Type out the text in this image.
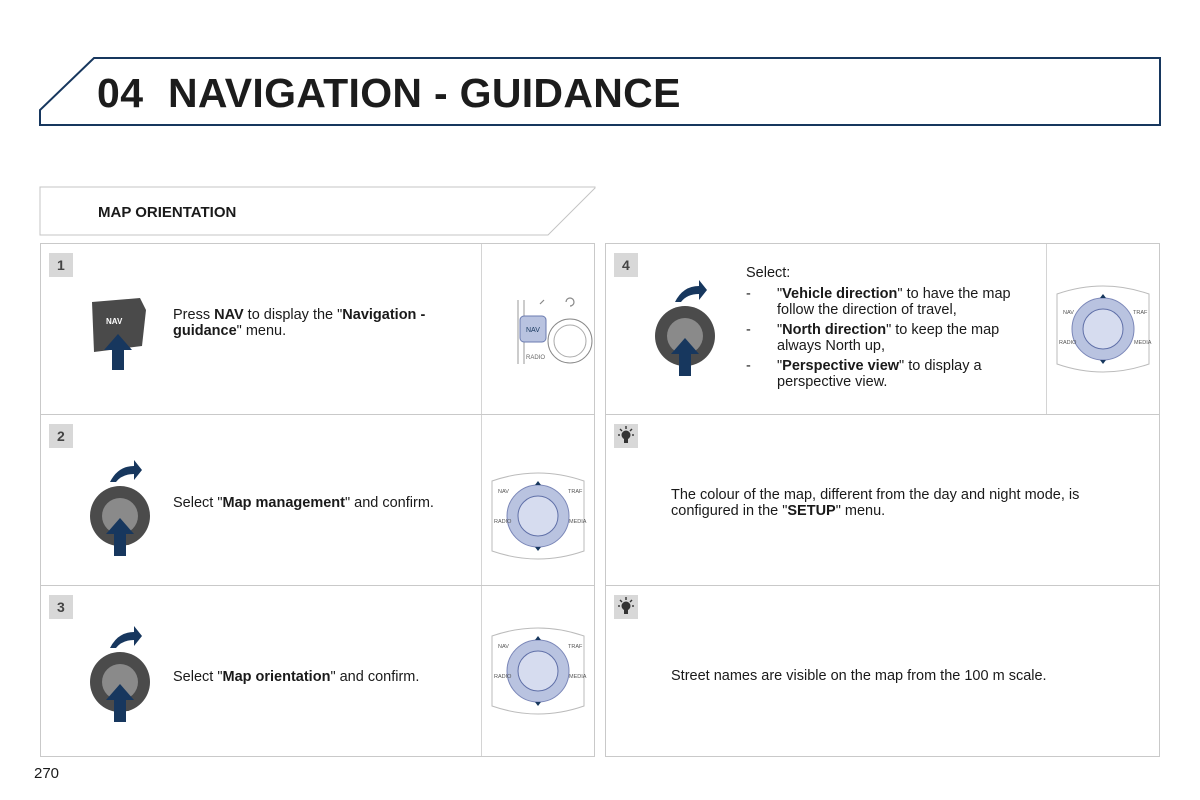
04 NAVIGATION - GUIDANCE
MAP ORIENTATION
NAV
RADIO
1
NAV	Press NAV to display the "Navigation - guidance" menu.
NAV	TRAF
RADIO	MEDIA
2
Select "Map management" and confirm.
NAV	TRAF
RADIO	MEDIA
3
Select "Map orientation" and confirm.
NAV	TRAF
RADIO	MEDIA
4	Select:
- "Vehicle direction" to have the map follow the direction of travel,
- "North direction" to keep the map always North up,
- "Perspective view" to display a perspective view.
The colour of the map, different from the day and night mode, is configured in the "SETUP" menu.
Street names are visible on the map from the 100 m scale.
270
